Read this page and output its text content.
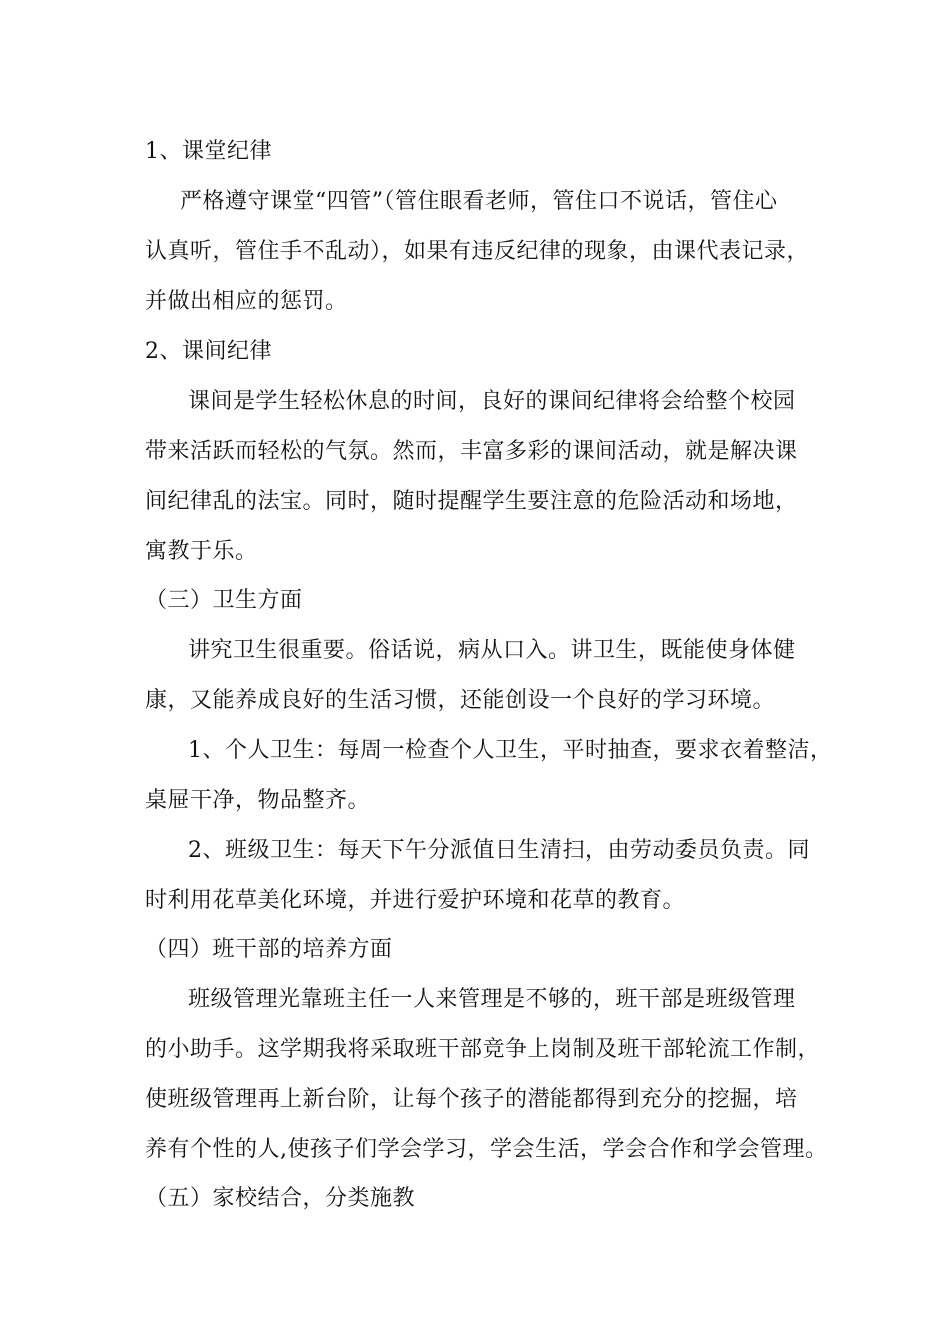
1、课堂纪律
严格遵守课堂“四管”（管住眼看老师，管住口不说话，管住心
认真听，管住手不乱动），如果有违反纪律的现象，由课代表记录，
并做出相应的惩罚。
2、课间纪律
课间是学生轻松休息的时间，良好的课间纪律将会给整个校园
带来活跃而轻松的气氛。然而，丰富多彩的课间活动，就是解决课
间纪律乱的法宝。同时，随时提醒学生要注意的危险活动和场地，
寓教于乐。
（三）卫生方面
讲究卫生很重要。俗话说，病从口入。讲卫生，既能使身体健
康，又能养成良好的生活习惯，还能创设一个良好的学习环境。
1、个人卫生：每周一检查个人卫生，平时抽查，要求衣着整洁，
桌屉干净，物品整齐。
2、班级卫生：每天下午分派值日生清扫，由劳动委员负责。同
时利用花草美化环境，并进行爱护环境和花草的教育。
（四）班干部的培养方面
班级管理光靠班主任一人来管理是不够的，班干部是班级管理
的小助手。这学期我将采取班干部竞争上岗制及班干部轮流工作制，
使班级管理再上新台阶，让每个孩子的潜能都得到充分的挖掘，培
养有个性的人,使孩子们学会学习，学会生活，学会合作和学会管理。
（五）家校结合，分类施教
